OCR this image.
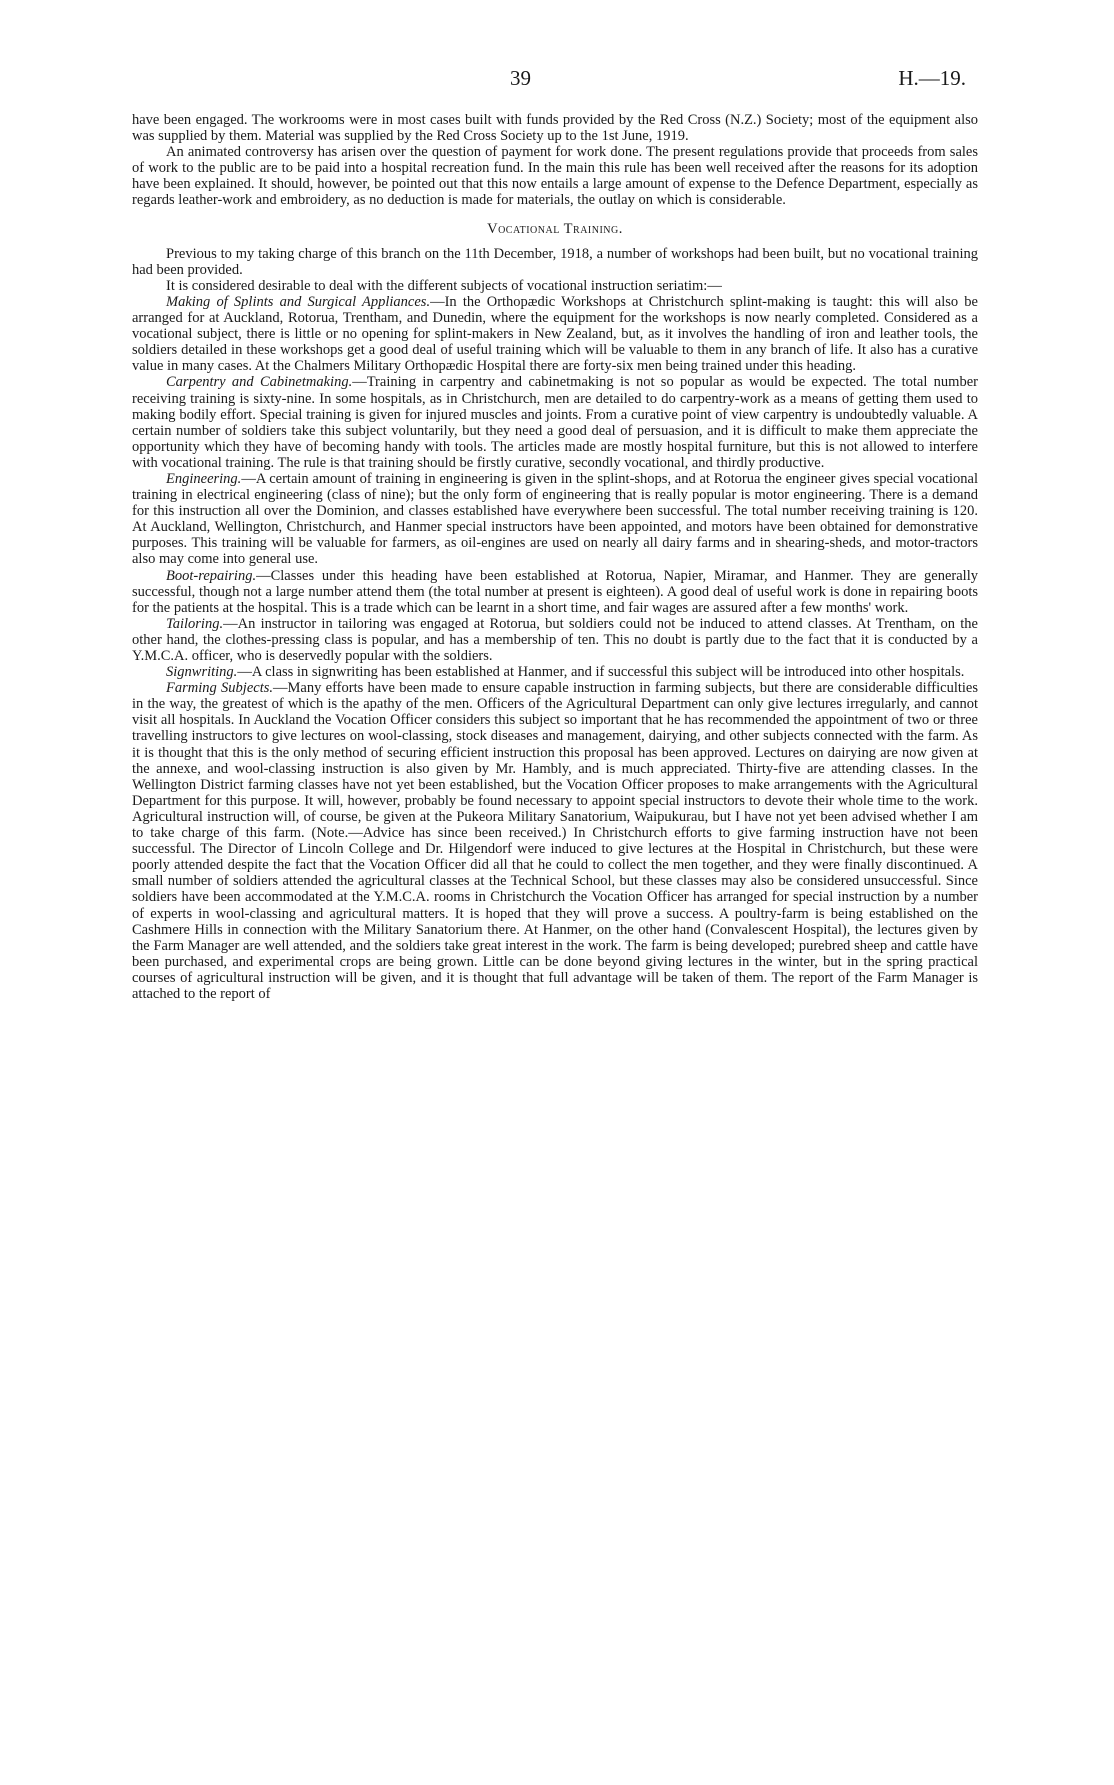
39	H.—19.

have been engaged. The workrooms were in most cases built with funds provided by the Red Cross (N.Z.) Society; most of the equipment also was supplied by them. Material was supplied by the Red Cross Society up to the 1st June, 1919.

An animated controversy has arisen over the question of payment for work done. The present regulations provide that proceeds from sales of work to the public are to be paid into a hospital recreation fund. In the main this rule has been well received after the reasons for its adoption have been explained. It should, however, be pointed out that this now entails a large amount of expense to the Defence Department, especially as regards leather-work and embroidery, as no deduction is made for materials, the outlay on which is considerable.

Vocational Training.

Previous to my taking charge of this branch on the 11th December, 1918, a number of workshops had been built, but no vocational training had been provided.

It is considered desirable to deal with the different subjects of vocational instruction seriatim:—

Making of Splints and Surgical Appliances.—In the Orthopædic Workshops at Christchurch splint-making is taught: this will also be arranged for at Auckland, Rotorua, Trentham, and Dunedin, where the equipment for the workshops is now nearly completed. Considered as a vocational subject, there is little or no opening for splint-makers in New Zealand, but, as it involves the handling of iron and leather tools, the soldiers detailed in these workshops get a good deal of useful training which will be valuable to them in any branch of life. It also has a curative value in many cases. At the Chalmers Military Orthopædic Hospital there are forty-six men being trained under this heading.

Carpentry and Cabinetmaking.—Training in carpentry and cabinetmaking is not so popular as would be expected. The total number receiving training is sixty-nine. In some hospitals, as in Christchurch, men are detailed to do carpentry-work as a means of getting them used to making bodily effort. Special training is given for injured muscles and joints. From a curative point of view carpentry is undoubtedly valuable. A certain number of soldiers take this subject voluntarily, but they need a good deal of persuasion, and it is difficult to make them appreciate the opportunity which they have of becoming handy with tools. The articles made are mostly hospital furniture, but this is not allowed to interfere with vocational training. The rule is that training should be firstly curative, secondly vocational, and thirdly productive.

Engineering.—A certain amount of training in engineering is given in the splint-shops, and at Rotorua the engineer gives special vocational training in electrical engineering (class of nine); but the only form of engineering that is really popular is motor engineering. There is a demand for this instruction all over the Dominion, and classes established have everywhere been successful. The total number receiving training is 120. At Auckland, Wellington, Christchurch, and Hanmer special instructors have been appointed, and motors have been obtained for demonstrative purposes. This training will be valuable for farmers, as oil-engines are used on nearly all dairy farms and in shearing-sheds, and motor-tractors also may come into general use.

Boot-repairing.—Classes under this heading have been established at Rotorua, Napier, Miramar, and Hanmer. They are generally successful, though not a large number attend them (the total number at present is eighteen). A good deal of useful work is done in repairing boots for the patients at the hospital. This is a trade which can be learnt in a short time, and fair wages are assured after a few months' work.

Tailoring.—An instructor in tailoring was engaged at Rotorua, but soldiers could not be induced to attend classes. At Trentham, on the other hand, the clothes-pressing class is popular, and has a membership of ten. This no doubt is partly due to the fact that it is conducted by a Y.M.C.A. officer, who is deservedly popular with the soldiers.

Signwriting.—A class in signwriting has been established at Hanmer, and if successful this subject will be introduced into other hospitals.

Farming Subjects.—Many efforts have been made to ensure capable instruction in farming subjects, but there are considerable difficulties in the way, the greatest of which is the apathy of the men. Officers of the Agricultural Department can only give lectures irregularly, and cannot visit all hospitals. In Auckland the Vocation Officer considers this subject so important that he has recommended the appointment of two or three travelling instructors to give lectures on wool-classing, stock diseases and management, dairying, and other subjects connected with the farm. As it is thought that this is the only method of securing efficient instruction this proposal has been approved. Lectures on dairying are now given at the annexe, and wool-classing instruction is also given by Mr. Hambly, and is much appreciated. Thirty-five are attending classes. In the Wellington District farming classes have not yet been established, but the Vocation Officer proposes to make arrangements with the Agricultural Department for this purpose. It will, however, probably be found necessary to appoint special instructors to devote their whole time to the work. Agricultural instruction will, of course, be given at the Pukeora Military Sanatorium, Waipukurau, but I have not yet been advised whether I am to take charge of this farm. (Note.—Advice has since been received.) In Christchurch efforts to give farming instruction have not been successful. The Director of Lincoln College and Dr. Hilgendorf were induced to give lectures at the Hospital in Christchurch, but these were poorly attended despite the fact that the Vocation Officer did all that he could to collect the men together, and they were finally discontinued. A small number of soldiers attended the agricultural classes at the Technical School, but these classes may also be considered unsuccessful. Since soldiers have been accommodated at the Y.M.C.A. rooms in Christchurch the Vocation Officer has arranged for special instruction by a number of experts in wool-classing and agricultural matters. It is hoped that they will prove a success. A poultry-farm is being established on the Cashmere Hills in connection with the Military Sanatorium there. At Hanmer, on the other hand (Convalescent Hospital), the lectures given by the Farm Manager are well attended, and the soldiers take great interest in the work. The farm is being developed; purebred sheep and cattle have been purchased, and experimental crops are being grown. Little can be done beyond giving lectures in the winter, but in the spring practical courses of agricultural instruction will be given, and it is thought that full advantage will be taken of them. The report of the Farm Manager is attached to the report of
